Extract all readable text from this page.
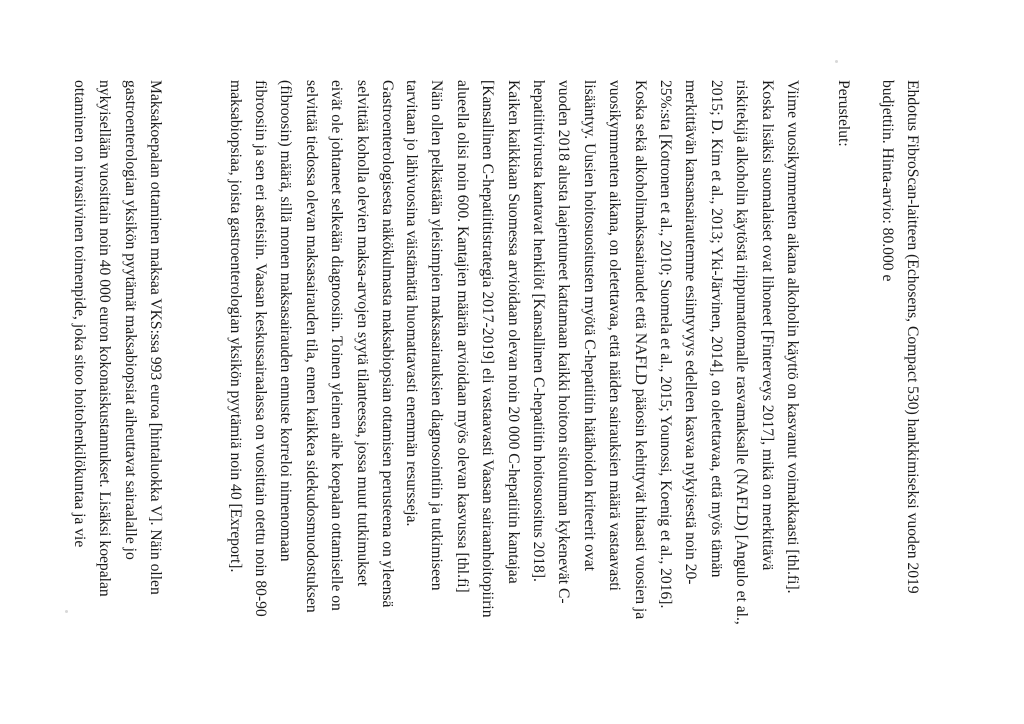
Ehdotus FibroScan-laitteen (Echosens, Compact 530) hankkimiseksi vuoden 2019
budjettiin. Hinta-arvio: 80.000 e
Perustelut:
Viime vuosikymmenten aikana alkoholin käyttö on kasvanut voimakkaasti [thl.fi].
Koska lisäksi suomalaiset ovat lihoneet [Finterveys 2017], mikä on merkittävä
riskitekijä alkoholin käytöstä riippumattomalle rasvamaksalle (NAFLD) [Angulo et al.,
2015; D. Kim et al., 2013; Yki-Järvinen, 2014], on oletettavaa, että myös tämän
merkittävän kansansairautemme esiintyvyys edelleen kasvaa nykyisestä noin 20-
25%:sta [Kotronen et al., 2010; Suomela et al., 2015; Younossi, Koenig et al., 2016].
Koska sekä alkoholimaksasairaudet että NAFLD pääosin kehittyvät hitaasti vuosien ja
vuosikymmenten aikana, on oletettavaa, että näiden sairauksien määrä vastaavasti
lisääntyy. Uusien hoitosuositusten myötä C-hepatiitin hätähoidon kriteerit ovat
vuoden 2018 alusta laajentuneet kattamaan kaikki hoitoon sitoutuman kykenevät C-
hepatiittivirusta kantavat henkilöt [Kansallinen C-hepatiitin hoitosuositus 2018].
Kaiken kaikkiaan Suomessa arvioidaan olevan noin 20 000 C-hepatiitin kantajaa
[Kansallinen C-hepatiittistrategia 2017-2019] eli vastaavasti Vaasan sairaanhoitopiirin
alueella olisi noin 600. Kantajien määrän arvioidaan myös olevan kasvussa [thl.fi]
Näin ollen pelkästään yleisimpien maksasairauksien diagnosointiin ja tutkimiseen
tarvitaan jo lähivuosina väistämättä huomattavasti enemmän resursseja.
Gastroenterologisesta näkökulmasta maksabiopsian ottamisen perusteena on yleensä
selvittää koholla olevien maksa-arvojen syytä tilanteessa, jossa muut tutkimukset
eivät ole johtaneet selkeään diagnoosiin. Toinen yleinen aihe koepalan ottamiselle on
selvittää tiedossa olevan maksasairauden tila, ennen kaikkea sidekudosmuodostuksen
(fibroosin) määrä, sillä monen maksasairauden ennuste korreloi nimenomaan
fibroosiin ja sen eri asteisiin. Vaasan keskussairaalassa on vuosittain otettu noin 80-90
maksabiopsiaa, joista gastroenterologian yksikön pyytämiä noin 40 [Exreport].
Maksakoepalan ottaminen maksaa VKS:ssa 993 euroa [hintaluokka V]. Näin ollen
gastroenterologian yksikön pyytämät maksabiopsiat aiheuttavat sairaalalle jo
nykyisellään vuosittain noin 40 000 euron kokonaiskustannukset. Lisäksi koepalan
ottaminen on invasiivinen toimenpide, joka sitoo hoitohenkilökuntaa ja vie
